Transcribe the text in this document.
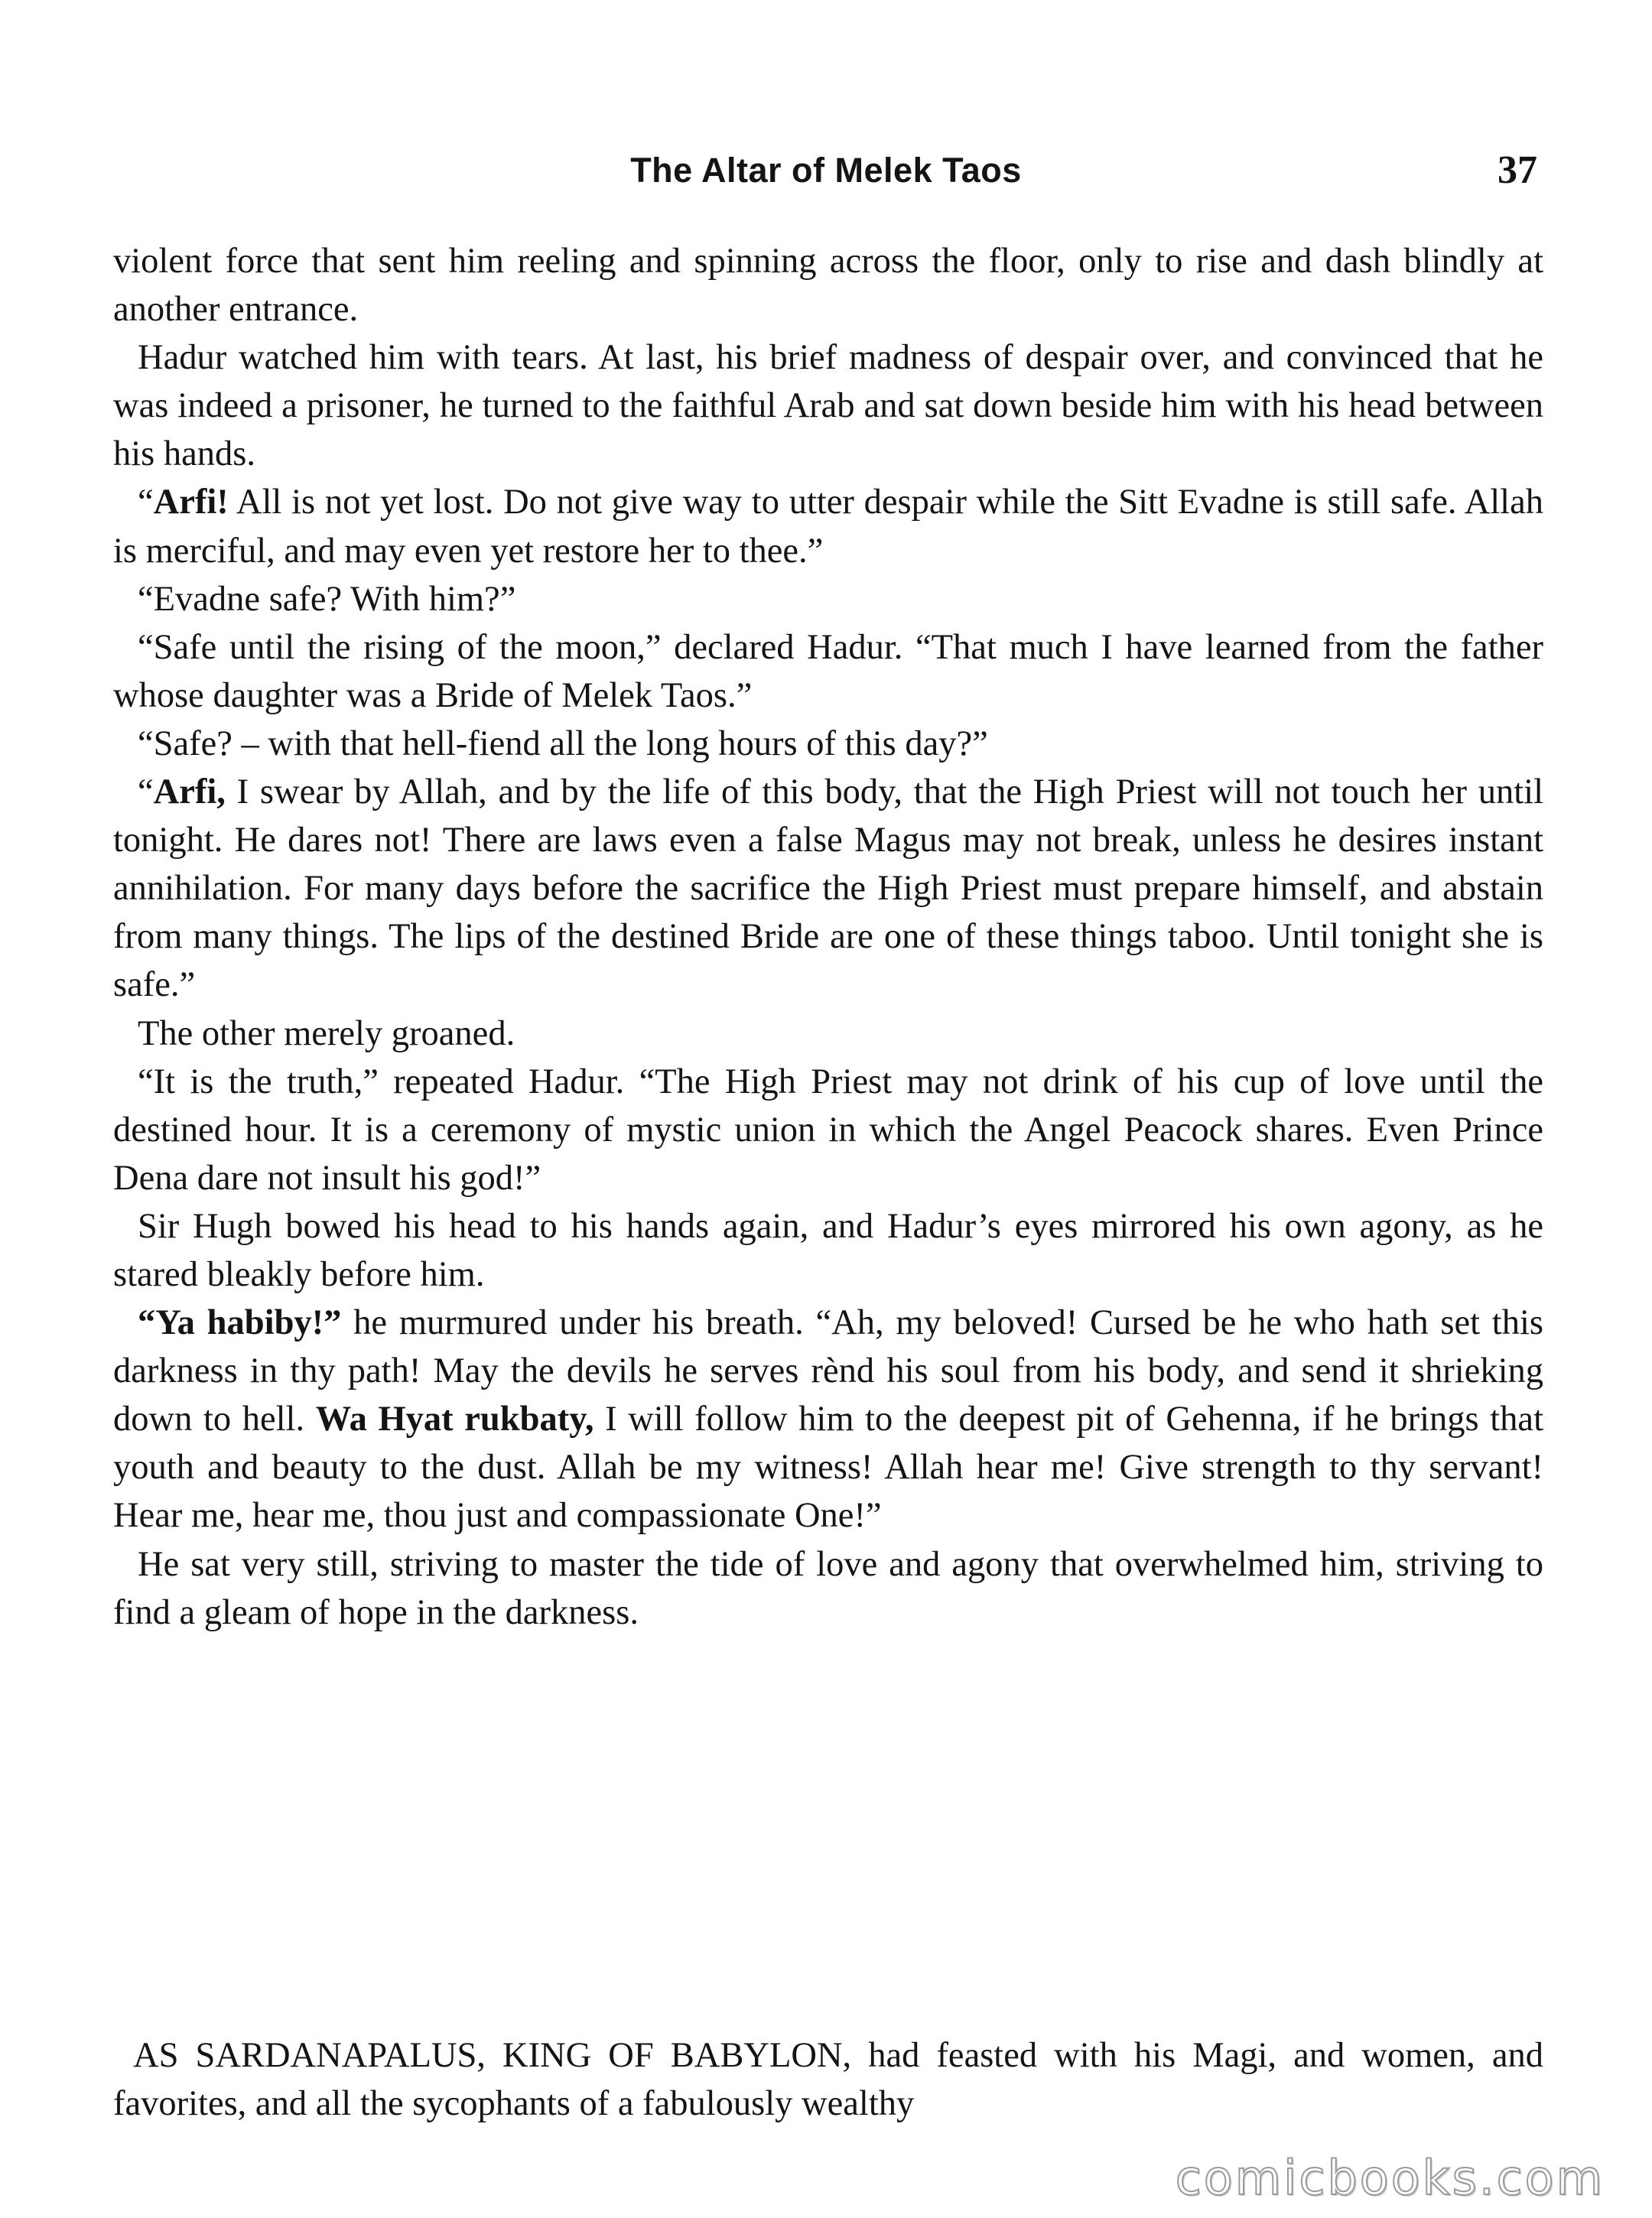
The Altar of Melek Taos	37

violent force that sent him reeling and spinning across the floor, only to rise and dash blindly at another entrance.

Hadur watched him with tears. At last, his brief madness of despair over, and convinced that he was indeed a prisoner, he turned to the faithful Arab and sat down beside him with his head between his hands.

“Arfi! All is not yet lost. Do not give way to utter despair while the Sitt Evadne is still safe. Allah is merciful, and may even yet restore her to thee.”

“Evadne safe? With him?”

“Safe until the rising of the moon,” declared Hadur. “That much I have learned from the father whose daughter was a Bride of Melek Taos.”

“Safe? – with that hell-fiend all the long hours of this day?”

“Arfi, I swear by Allah, and by the life of this body, that the High Priest will not touch her until tonight. He dares not! There are laws even a false Magus may not break, unless he desires instant annihilation. For many days before the sacrifice the High Priest must prepare himself, and abstain from many things. The lips of the destined Bride are one of these things taboo. Until tonight she is safe.”

The other merely groaned.

“It is the truth,” repeated Hadur. “The High Priest may not drink of his cup of love until the destined hour. It is a ceremony of mystic union in which the Angel Peacock shares. Even Prince Dena dare not insult his god!”

Sir Hugh bowed his head to his hands again, and Hadur’s eyes mirrored his own agony, as he stared bleakly before him.

“Ya habiby!” he murmured under his breath. “Ah, my beloved! Cursed be he who hath set this darkness in thy path! May the devils he serves rènd his soul from his body, and send it shrieking down to hell. Wa Hyat rukbaty, I will follow him to the deepest pit of Gehenna, if he brings that youth and beauty to the dust. Allah be my witness! Allah hear me! Give strength to thy servant! Hear me, hear me, thou just and compassionate One!”

He sat very still, striving to master the tide of love and agony that overwhelmed him, striving to find a gleam of hope in the darkness.

AS SARDANAPALUS, KING OF BABYLON, had feasted with his Magi, and women, and favorites, and all the sycophants of a fabulously wealthy

comicbooks.com
